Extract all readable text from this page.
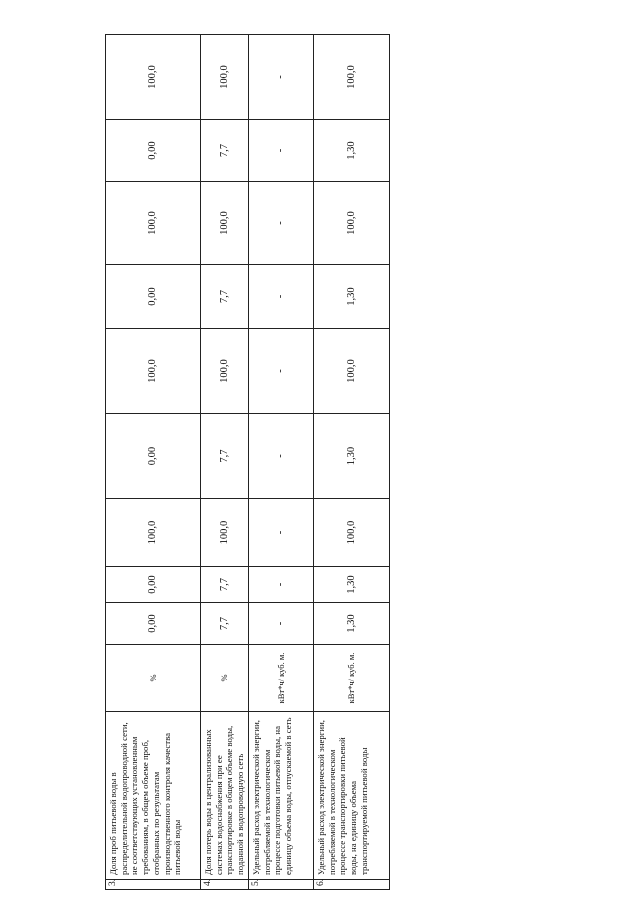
3.	Доля проб питьевой воды в распределительной водопроводной сети, не соответствующих установленным требованиям, в общем объеме проб, отобранных по результатам производственного контроля качества питьевой воды	%	0,00	0,00	100,0	0,00	100,0	0,00	100,0	0,00	100,0
4.	Доля потерь воды в централизованных системах водоснабжения при ее транспортировке в общем объеме воды, поданной в водопроводную сеть	%	7,7	7,7	100,0	7,7	100,0	7,7	100,0	7,7	100,0
5.	Удельный расход электрической энергии, потребляемой в технологическом процессе подготовки питьевой воды, на единицу объема воды, отпускаемой в сеть	кВт*ч/ куб. м.	-	-	-	-	-	-	-	-	-
6.	Удельный расход электрической энергии, потребляемой в технологическом процессе транспортировки питьевой воды, на единицу объема транспортируемой питьевой воды	кВт*ч/ куб. м.	1,30	1,30	100,0	1,30	100,0	1,30	100,0	1,30	100,0
